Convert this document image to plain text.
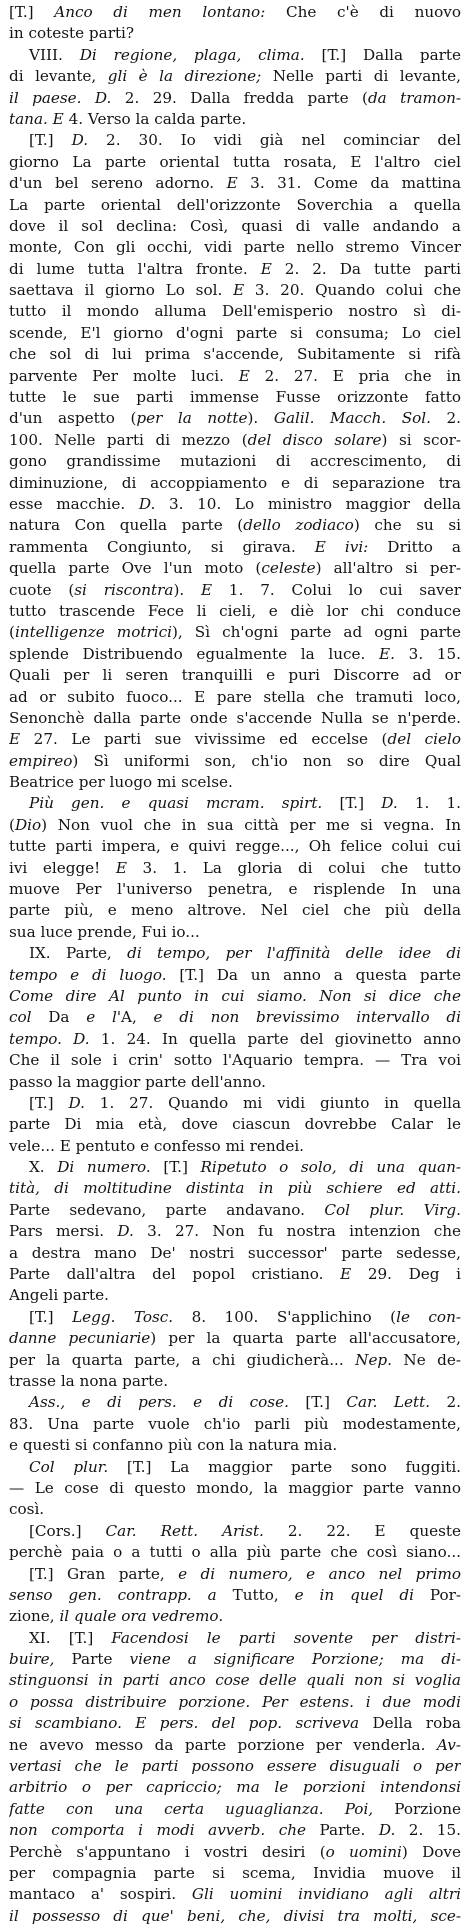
[T.] Anco di men lontano: Che c'è di nuovo
in coteste parti?
VIII. Di regione, plaga, clima. [T.] Dalla parte
di levante, gli è la direzione; Nelle parti di levante,
il paese. D. 2. 29. Dalla fredda parte (da tramon-
tana. E 4. Verso la calda parte.
[T.] D. 2. 30. Io vidi già nel cominciar del
giorno La parte oriental tutta rosata, E l'altro ciel
d'un bel sereno adorno. E 3. 31. Come da mattina
La parte oriental dell'orizzonte Soverchia a quella
dove il sol declina: Così, quasi di valle andando a
monte, Con gli occhi, vidi parte nello stremo Vincer
di lume tutta l'altra fronte. E 2. 2. Da tutte parti
saettava il giorno Lo sol. E 3. 20. Quando colui che
tutto il mondo alluma Dell'emisperio nostro sì di-
scende, E'l giorno d'ogni parte si consuma; Lo ciel
che sol di lui prima s'accende, Subitamente si rifà
parvente Per molte luci. E 2. 27. E pria che in
tutte le sue parti immense Fusse orizzonte fatto
d'un aspetto (per la notte). Galil. Macch. Sol. 2.
100. Nelle parti di mezzo (del disco solare) si scor-
gono grandissime mutazioni di accrescimento, di
diminuzione, di accoppiamento e di separazione tra
esse macchie. D. 3. 10. Lo ministro maggior della
natura Con quella parte (dello zodiaco) che su si
rammenta Congiunto, si girava. E ivi: Dritto a
quella parte Ove l'un moto (celeste) all'altro si per-
cuote (si riscontra). E 1. 7. Colui lo cui saver
tutto trascende Fece li cieli, e diè lor chi conduce
(intelligenze motrici), Sì ch'ogni parte ad ogni parte
splende Distribuendo egualmente la luce. E. 3. 15.
Quali per li seren tranquilli e puri Discorre ad or
ad or subito fuoco... E pare stella che tramuti loco,
Senonchè dalla parte onde s'accende Nulla se n'perde.
E 27. Le parti sue vivissime ed eccelse (del cielo
empireo) Sì uniformi son, ch'io non so dire Qual
Beatrice per luogo mi scelse.
Più gen. e quasi mcram. spirt. [T.] D. 1. 1.
(Dio) Non vuol che in sua città per me si vegna. In
tutte parti impera, e quivi regge..., Oh felice colui cui
ivi elegge! E 3. 1. La gloria di colui che tutto
muove Per l'universo penetra, e risplende In una
parte più, e meno altrove. Nel ciel che più della
sua luce prende, Fui io...
IX. Parte, di tempo, per l'affinità delle idee di
tempo e di luogo. [T.] Da un anno a questa parte
Come dire Al punto in cui siamo. Non si dice che
col Da e l'A, e di non brevissimo intervallo di
tempo. D. 1. 24. In quella parte del giovinetto anno
Che il sole i crin' sotto l'Aquario tempra. — Tra voi
passo la maggior parte dell'anno.
[T.] D. 1. 27. Quando mi vidi giunto in quella
parte Di mia età, dove ciascun dovrebbe Calar le
vele... E pentuto e confesso mi rendei.
X. Di numero. [T.] Ripetuto o solo, di una quan-
tità, di moltitudine distinta in più schiere ed atti.
Parte sedevano, parte andavano. Col plur. Virg.
Pars mersi. D. 3. 27. Non fu nostra intenzion che
a destra mano De' nostri successor' parte sedesse,
Parte dall'altra del popol cristiano. E 29. Deg i
Angeli parte.
[T.] Legg. Tosc. 8. 100. S'applichino (le con-
danne pecuniarie) per la quarta parte all'accusatore,
per la quarta parte, a chi giudicherà... Nep. Ne de-
trasse la nona parte.
Ass., e di pers. e di cose. [T.] Car. Lett. 2.
83. Una parte vuole ch'io parli più modestamente,
e questi si confanno più con la natura mia.
Col plur. [T.] La maggior parte sono fuggiti.
— Le cose di questo mondo, la maggior parte vanno
così.
[Cors.] Car. Rett. Arist. 2. 22. E queste
perchè paia o a tutti o alla più parte che così siano...
[T.] Gran parte, e di numero, e anco nel primo
senso gen. contrapp. a Tutto, e in quel di Por-
zione, il quale ora vedremo.
XI. [T.] Facendosi le parti sovente per distri-
buire, Parte viene a significare Porzione; ma di-
stinguonsi in parti anco cose delle quali non si voglia
o possa distribuire porzione. Per estens. i due modi
si scambiano. E pers. del pop. scriveva Della roba
ne avevo messo da parte porzione per venderla. Av-
vertasi che le parti possono essere disuguali o per
arbitrio o per capriccio; ma le porzioni intendonsi
fatte con una certa uguaglianza. Poi, Porzione
non comporta i modi avverb. che Parte. D. 2. 15.
Perchè s'appuntano i vostri desiri (o uomini) Dove
per compagnia parte si scema, Invidia muove il
mantaco a' sospiri. Gli uomini invidiano agli altri
il possesso di que' beni, che, divisi tra molti, sce-
